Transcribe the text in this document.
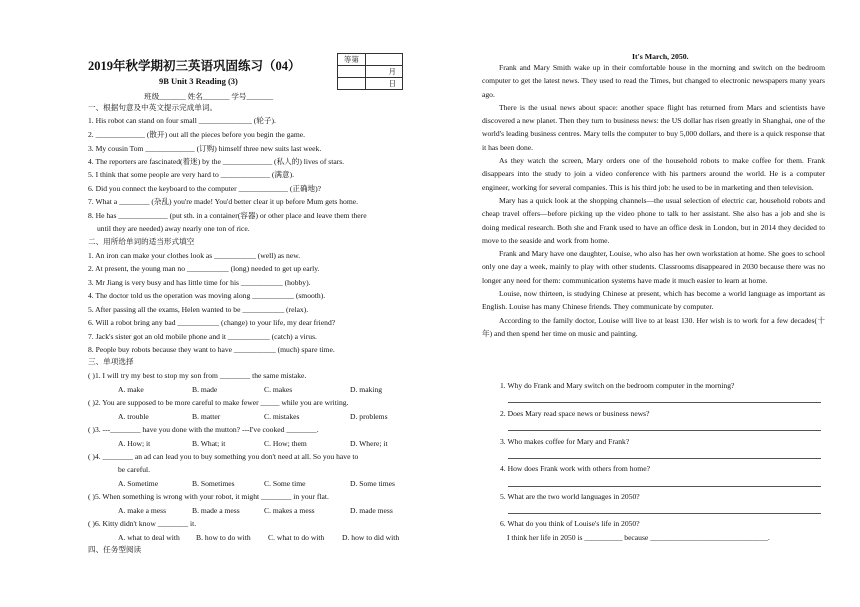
2019年秋学期初三英语巩固练习（04）	等第	
	月
	日
9B Unit 3 Reading (3)
班级_______ 姓名_______ 学号_______
一、根据句意及中英文提示完成单词。
1. His robot can stand on four small ______________ (轮子).
2. _____________ (散开) out all the pieces before you begin the game.
3. My cousin Tom _____________ (订购) himself three new suits last week.
4. The reporters are fascinated(着迷) by the _____________ (私人的) lives of stars.
5. I think that some people are very hard to _____________ (满意).
6. Did you connect the keyboard to the computer _____________ (正确地)?
7. What a ________ (杂乱) you're made! You'd better clear it up before Mum gets home.
8. He has _____________ (put sth. in a container(容器) or other place and leave them there
until they are needed) away nearly one ton of rice.
二、用所给单词的适当形式填空
1. An iron can make your clothes look as ___________ (well) as new.
2. At present, the young man no ___________ (long) needed to get up early.
3. Mr Jiang is very busy and has little time for his ___________ (hobby).
4. The doctor told us the operation was moving along ___________ (smooth).
5. After passing all the exams, Helen wanted to be ___________ (relax).
6. Will a robot bring any bad ___________ (change) to your life, my dear friend?
7. Jack's sister got an old mobile phone and it ___________ (catch) a virus.
8. People buy robots because they want to have ___________ (much) spare time.
三、单项选择
( )1. I will try my best to stop my son from ________ the same mistake.
A. make	B. made	C. makes	D. making
( )2. You are supposed to be more careful to make fewer _____ while you are writing.
A. trouble	B. matter	C. mistakes	D. problems
( )3. ---________ have you done with the mutton? ---I've cooked ________.
A. How; it	B. What; it	C. How; them	D. Where; it
( )4. ________ an ad can lead you to buy something you don't need at all. So you have to
be careful.
A. Sometime	B. Sometimes	C. Some time	D. Some times
( )5. When something is wrong with your robot, it might ________ in your flat.
A. make a mess	B. made a mess	C. makes a mess	D. made mess
( )6. Kitty didn't know ________ it.
A. what to deal with B. how to do with C. what to do with D. how to did with
四、任务型阅读
It's March, 2050.

Frank and Mary Smith wake up in their comfortable house in the morning and switch on the bedroom computer to get the latest news. They used to read the Times, but changed to electronic newspapers many years ago.

There is the usual news about space: another space flight has returned from Mars and scientists have discovered a new planet. Then they turn to business news: the US dollar has risen greatly in Shanghai, one of the world's leading business centres. Mary tells the computer to buy 5,000 dollars, and there is a quick response that it has been done.

As they watch the screen, Mary orders one of the household robots to make coffee for them. Frank disappears into the study to join a video conference with his partners around the world. He is a computer engineer, working for several companies. This is his third job: he used to be in marketing and then television.

Mary has a quick look at the shopping channels—the usual selection of electric car, household robots and cheap travel offers—before picking up the video phone to talk to her assistant. She also has a job and she is doing medical research. Both she and Frank used to have an office desk in London, but in 2014 they decided to move to the seaside and work from home.

Frank and Mary have one daughter, Louise, who also has her own workstation at home. She goes to school only one day a week, mainly to play with other students. Classrooms disappeared in 2030 because there was no longer any need for them: communication systems have made it much easier to learn at home.

Louise, now thirteen, is studying Chinese at present, which has become a world language as important as English. Louise has many Chinese friends. They communicate by computer.

According to the family doctor, Louise will live to at least 130. Her wish is to work for a few decades(十年) and then spend her time on music and painting.

1. Why do Frank and Mary switch on the bedroom computer in the morning?
2. Does Mary read space news or business news?
3. Who makes coffee for Mary and Frank?
4. How does Frank work with others from home?
5. What are the two world languages in 2050?
6. What do you think of Louise's life in 2050?
I think her life in 2050 is __________ because _______________________________.
